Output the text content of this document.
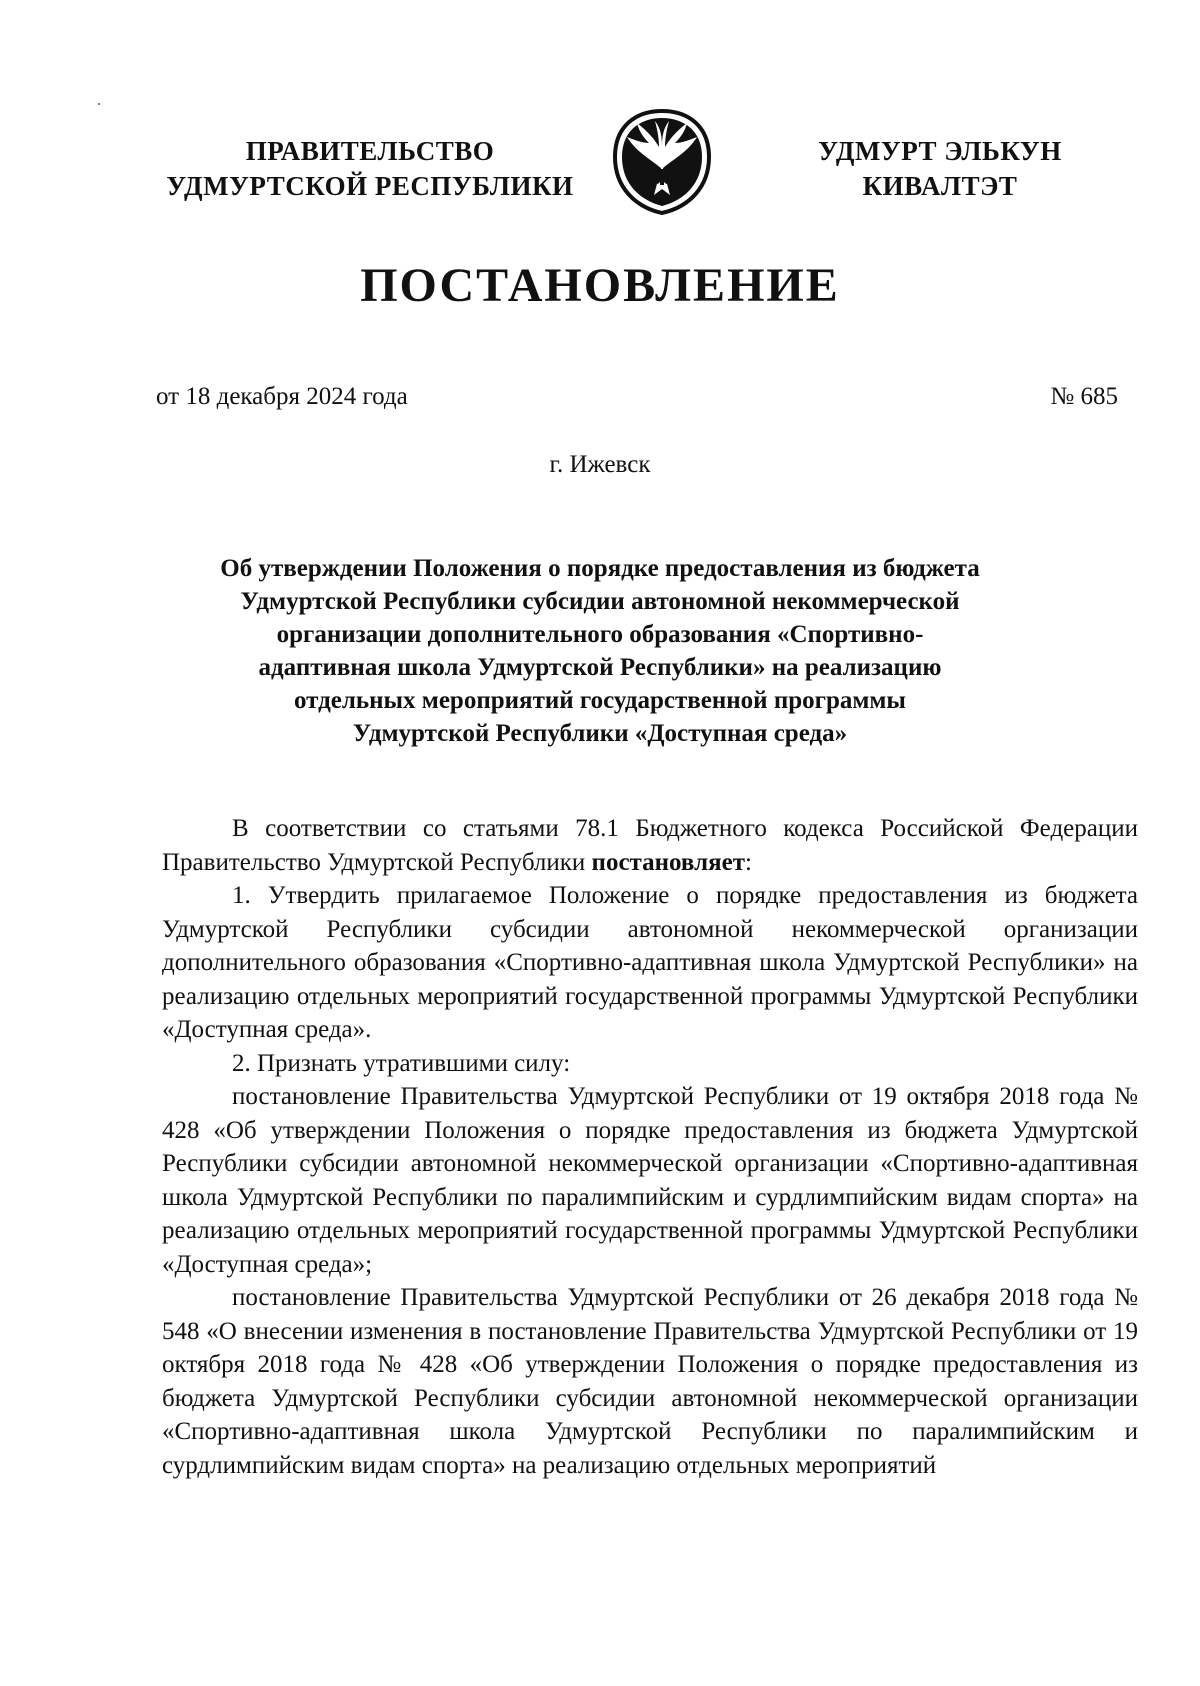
ПРАВИТЕЛЬСТВО
УДМУРТСКОЙ РЕСПУБЛИКИ
УДМУРТ ЭЛЬКУН
КИВАЛТЭТ
ПОСТАНОВЛЕНИЕ
от 18 декабря 2024 года	№ 685
г. Ижевск
Об утверждении Положения о порядке предоставления из бюджета
Удмуртской Республики субсидии автономной некоммерческой
организации дополнительного образования «Спортивно-
адаптивная школа Удмуртской Республики» на реализацию
отдельных мероприятий государственной программы
Удмуртской Республики «Доступная среда»

В соответствии со статьями 78.1 Бюджетного кодекса Российской Федерации Правительство Удмуртской Республики постановляет:

1. Утвердить прилагаемое Положение о порядке предоставления из бюджета Удмуртской Республики субсидии автономной некоммерческой организации дополнительного образования «Спортивно-адаптивная школа Удмуртской Республики» на реализацию отдельных мероприятий государственной программы Удмуртской Республики «Доступная среда».

2. Признать утратившими силу:

постановление Правительства Удмуртской Республики от 19 октября 2018 года № 428 «Об утверждении Положения о порядке предоставления из бюджета Удмуртской Республики субсидии автономной некоммерческой организации «Спортивно-адаптивная школа Удмуртской Республики по паралимпийским и сурдлимпийским видам спорта» на реализацию отдельных мероприятий государственной программы Удмуртской Республики «Доступная среда»;

постановление Правительства Удмуртской Республики от 26 декабря 2018 года № 548 «О внесении изменения в постановление Правительства Удмуртской Республики от 19 октября 2018 года № 428 «Об утверждении Положения о порядке предоставления из бюджета Удмуртской Республики субсидии автономной некоммерческой организации «Спортивно-адаптивная школа Удмуртской Республики по паралимпийским и сурдлимпийским видам спорта» на реализацию отдельных мероприятий
